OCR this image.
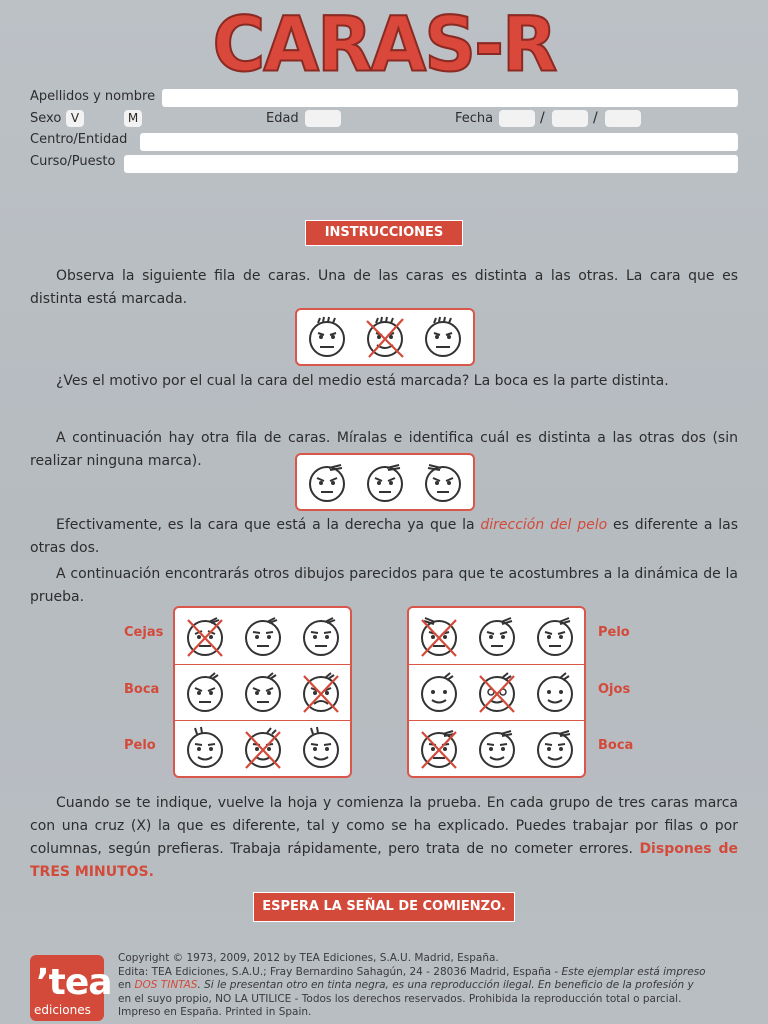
CARAS-R
Apellidos y nombre
Sexo V	M	Edad	Fecha	/	/
Centro/Entidad
Curso/Puesto
INSTRUCCIONES
Observa la siguiente fila de caras. Una de las caras es distinta a las otras. La cara que es distinta está marcada.
¿Ves el motivo por el cual la cara del medio está marcada? La boca es la parte distinta.
A continuación hay otra fila de caras. Míralas e identifica cuál es distinta a las otras dos (sin realizar ninguna marca).
Efectivamente, es la cara que está a la derecha ya que la dirección del pelo es diferente a las otras dos.
A continuación encontrarás otros dibujos parecidos para que te acostumbres a la dinámica de la prueba.
Cejas
Boca
Pelo
Pelo
Ojos
Boca
Cuando se te indique, vuelve la hoja y comienza la prueba. En cada grupo de tres caras marca con una cruz (X) la que es diferente, tal y como se ha explicado. Puedes trabajar por filas o por columnas, según prefieras. Trabaja rápidamente, pero trata de no cometer errores. Dispones de TRES MINUTOS.
ESPERA LA SEÑAL DE COMIENZO.
’tea
ediciones
Copyright © 1973, 2009, 2012 by TEA Ediciones, S.A.U. Madrid, España.
Edita: TEA Ediciones, S.A.U.; Fray Bernardino Sahagún, 24 - 28036 Madrid, España - Este ejemplar está impreso
en DOS TINTAS. Si le presentan otro en tinta negra, es una reproducción ilegal. En beneficio de la profesión y
en el suyo propio, NO LA UTILICE - Todos los derechos reservados. Prohibida la reproducción total o parcial.
Impreso en España. Printed in Spain.
